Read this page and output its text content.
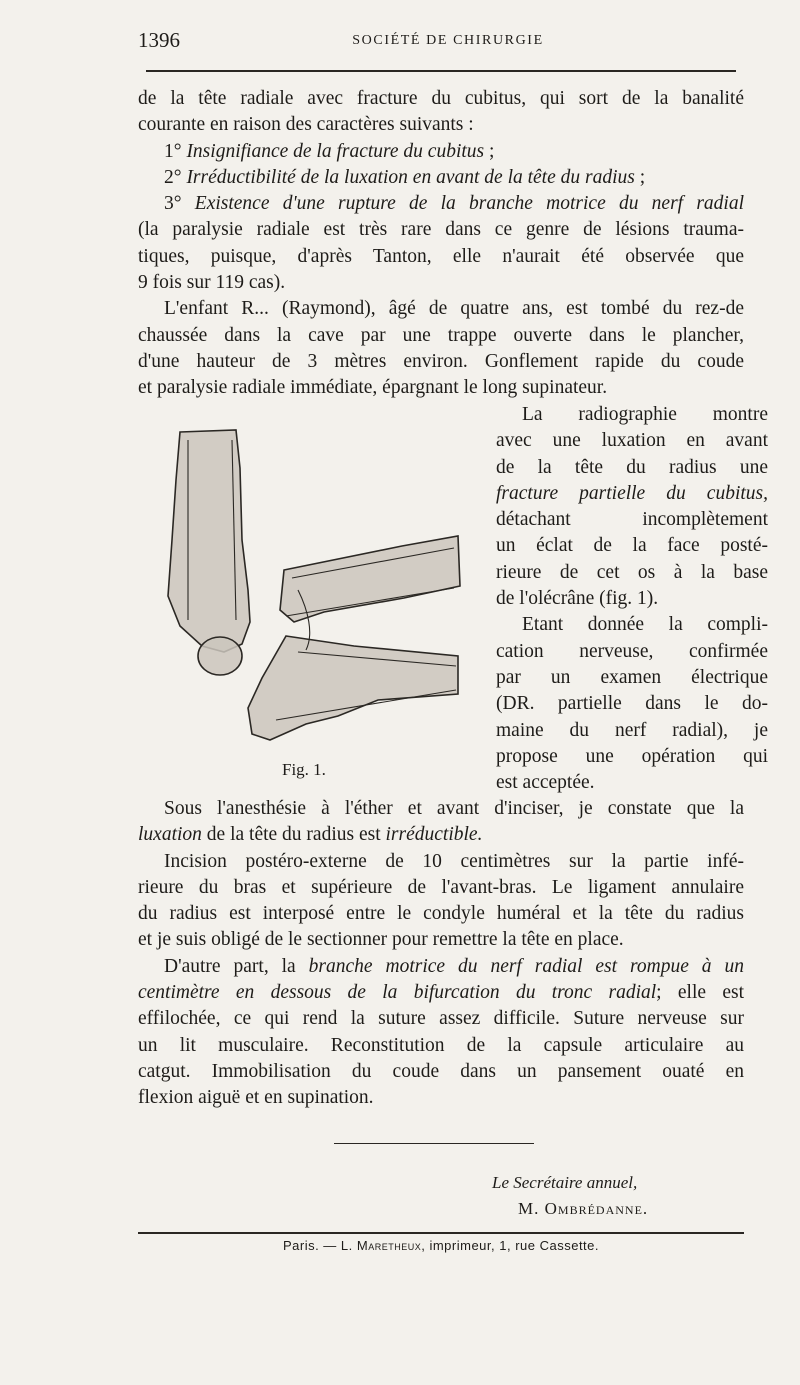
1396	SOCIÉTÉ DE CHIRURGIE
de la tête radiale avec fracture du cubitus, qui sort de la banalité
courante en raison des caractères suivants :
1° Insignifiance de la fracture du cubitus ;
2° Irréductibilité de la luxation en avant de la tête du radius ;
3° Existence d'une rupture de la branche motrice du nerf radial
(la paralysie radiale est très rare dans ce genre de lésions trauma-
tiques, puisque, d'après Tanton, elle n'aurait été observée que
9 fois sur 119 cas).
L'enfant R... (Raymond), âgé de quatre ans, est tombé du rez-de
chaussée dans la cave par une trappe ouverte dans le plancher,
d'une hauteur de 3 mètres environ. Gonflement rapide du coude
et paralysie radiale immédiate, épargnant le long supinateur.
Fig. 1.
La radiographie montre
avec une luxation en avant
de la tête du radius une
fracture partielle du cubitus,
détachant incomplètement
un éclat de la face posté-
rieure de cet os à la base
de l'olécrâne (fig. 1).
Etant donnée la compli-
cation nerveuse, confirmée
par un examen électrique
(DR. partielle dans le do-
maine du nerf radial), je
propose une opération qui
est acceptée.
Sous l'anesthésie à l'éther et avant d'inciser, je constate que la
luxation de la tête du radius est irréductible.
Incision postéro-externe de 10 centimètres sur la partie infé-
rieure du bras et supérieure de l'avant-bras. Le ligament annulaire
du radius est interposé entre le condyle huméral et la tête du radius
et je suis obligé de le sectionner pour remettre la tête en place.
D'autre part, la branche motrice du nerf radial est rompue à un
centimètre en dessous de la bifurcation du tronc radial; elle est
effilochée, ce qui rend la suture assez difficile. Suture nerveuse sur
un lit musculaire. Reconstitution de la capsule articulaire au
catgut. Immobilisation du coude dans un pansement ouaté en
flexion aiguë et en supination.
Le Secrétaire annuel,
M. Ombrédanne.
Paris. — L. Maretheux, imprimeur, 1, rue Cassette.
